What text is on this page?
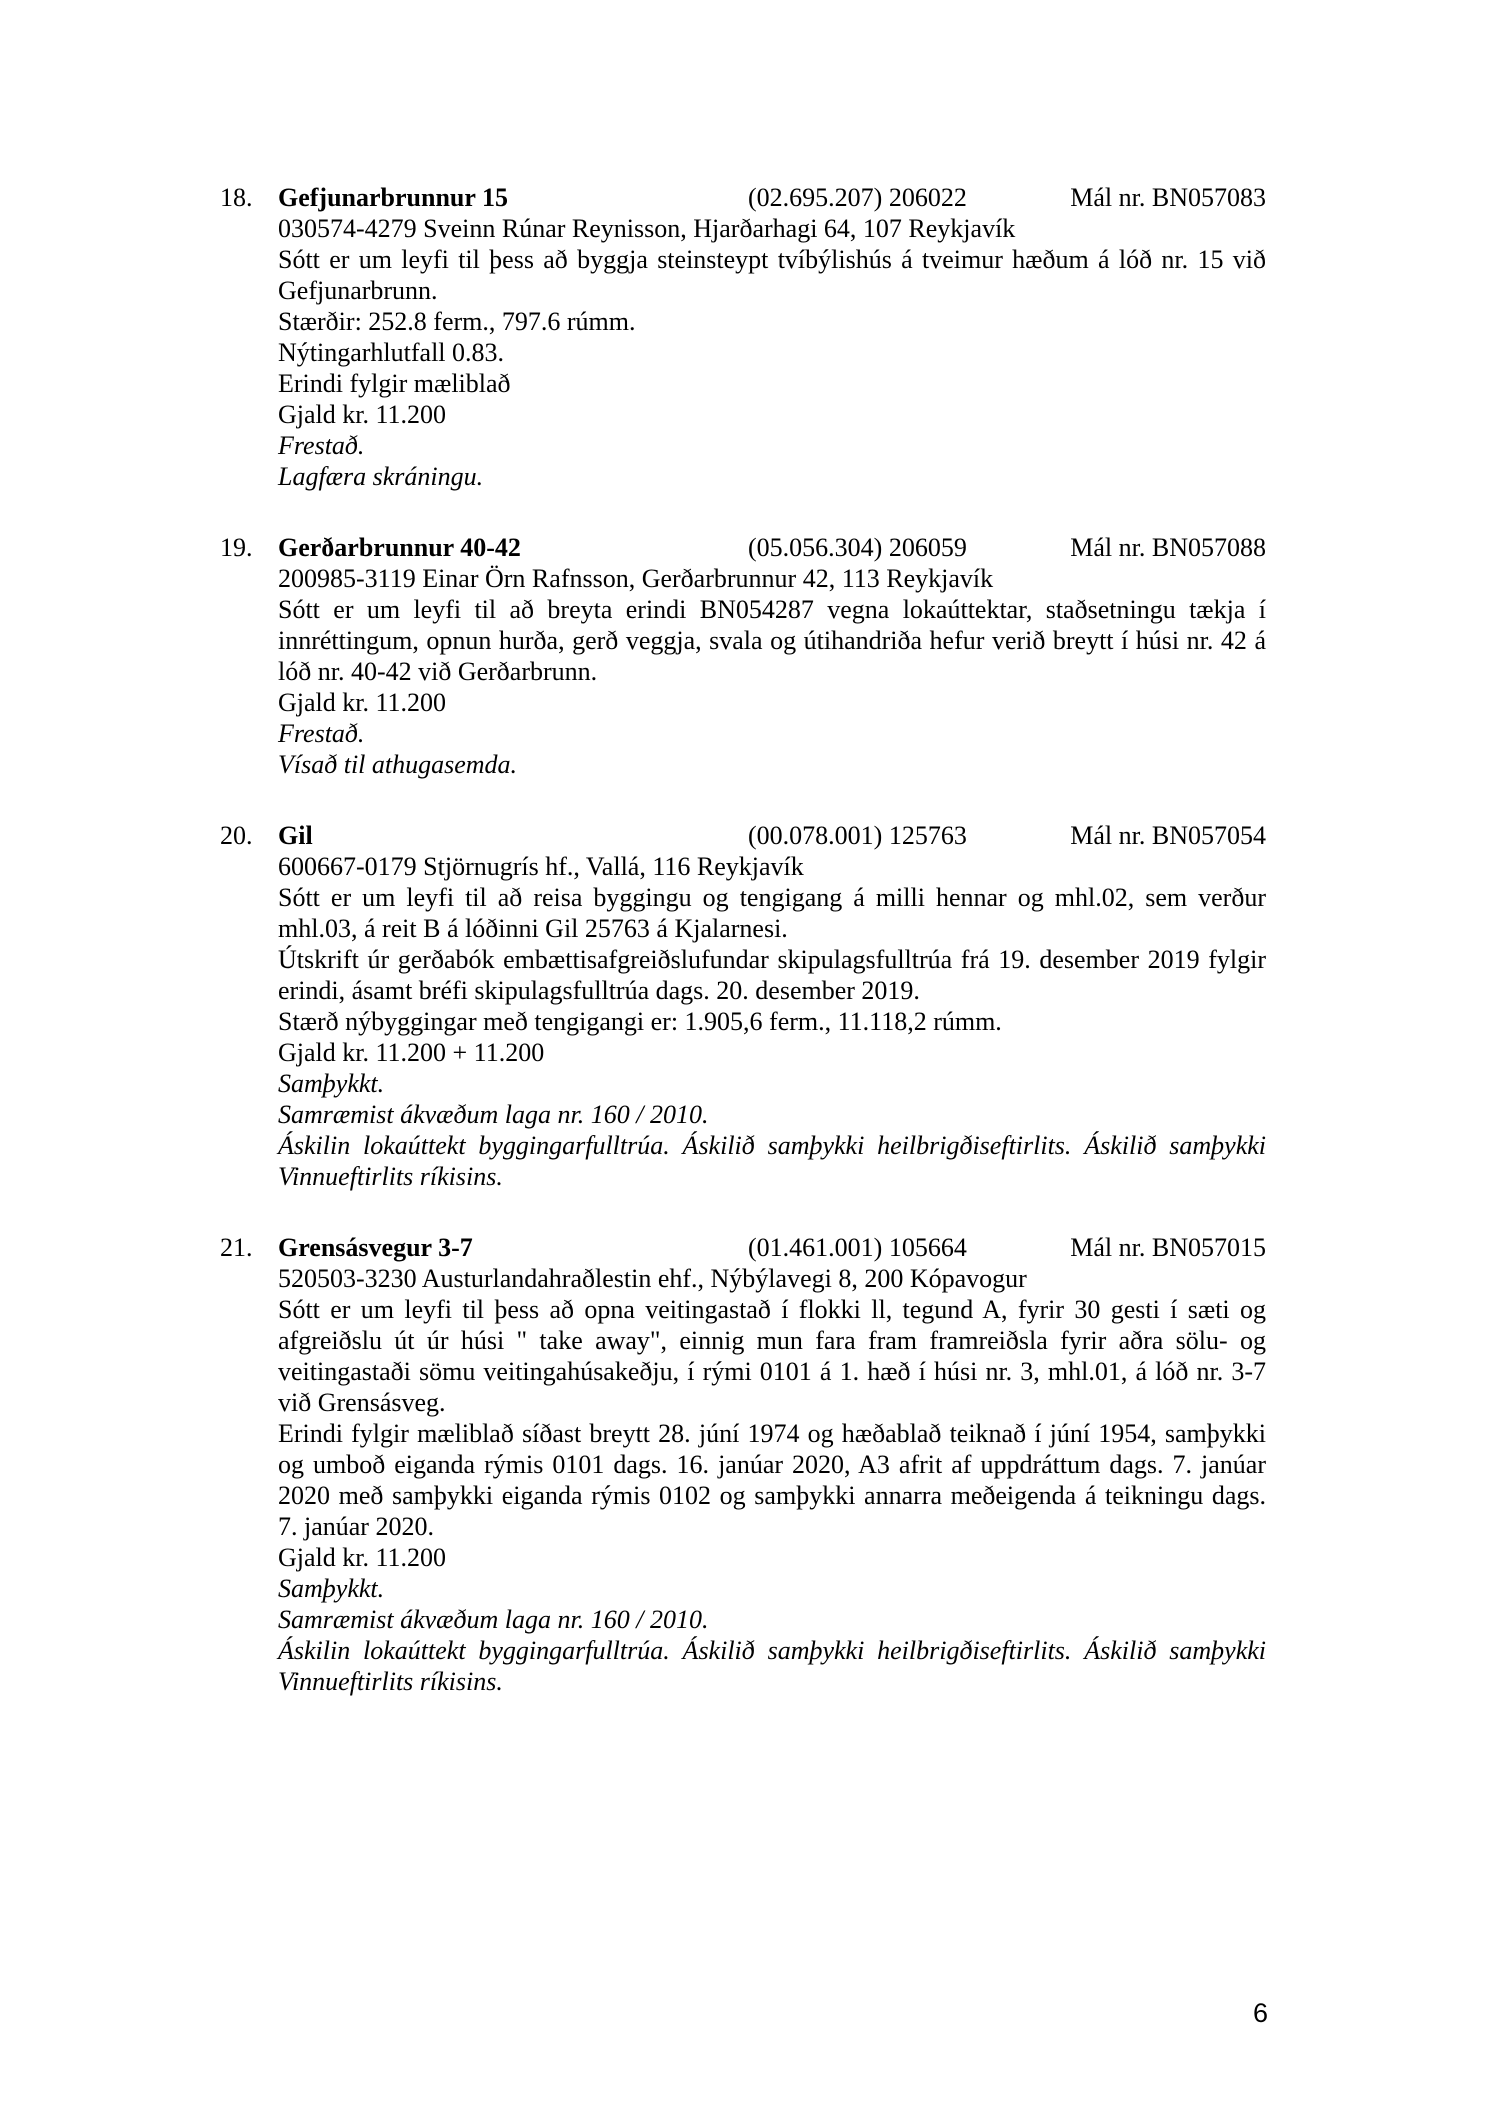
18. Gefjunarbrunnur 15	(02.695.207) 206022	Mál nr. BN057083

030574-4279 Sveinn Rúnar Reynisson, Hjarðarhagi 64, 107 Reykjavík

Sótt er um leyfi til þess að byggja steinsteypt tvíbýlishús á tveimur hæðum á lóð nr. 15 við Gefjunarbrunn.

Stærðir: 252.8 ferm., 797.6 rúmm.

Nýtingarhlutfall 0.83.

Erindi fylgir mæliblað

Gjald kr. 11.200

Frestað.

Lagfæra skráningu.

19. Gerðarbrunnur 40-42	(05.056.304) 206059	Mál nr. BN057088

200985-3119 Einar Örn Rafnsson, Gerðarbrunnur 42, 113 Reykjavík

Sótt er um leyfi til að breyta erindi BN054287 vegna lokaúttektar, staðsetningu tækja í innréttingum, opnun hurða, gerð veggja, svala og útihandriða hefur verið breytt í húsi nr. 42 á lóð nr. 40-42 við Gerðarbrunn.

Gjald kr. 11.200

Frestað.

Vísað til athugasemda.

20. Gil	(00.078.001) 125763	Mál nr. BN057054

600667-0179 Stjörnugrís hf., Vallá, 116 Reykjavík

Sótt er um leyfi til að reisa byggingu og tengigang á milli hennar og mhl.02, sem verður mhl.03, á reit B á lóðinni Gil 25763 á Kjalarnesi.

Útskrift úr gerðabók embættisafgreiðslufundar skipulagsfulltrúa frá 19. desember 2019 fylgir erindi, ásamt bréfi skipulagsfulltrúa dags. 20. desember 2019.

Stærð nýbyggingar með tengigangi er: 1.905,6 ferm., 11.118,2 rúmm.

Gjald kr. 11.200 + 11.200

Samþykkt.

Samræmist ákvæðum laga nr. 160 / 2010.

Áskilin lokaúttekt byggingarfulltrúa. Áskilið samþykki heilbrigðiseftirlits. Áskilið samþykki Vinnueftirlits ríkisins.

21. Grensásvegur 3-7	(01.461.001) 105664	Mál nr. BN057015

520503-3230 Austurlandahraðlestin ehf., Nýbýlavegi 8, 200 Kópavogur

Sótt er um leyfi til þess að opna veitingastað í flokki ll, tegund A, fyrir 30 gesti í sæti og afgreiðslu út úr húsi " take away", einnig mun fara fram framreiðsla fyrir aðra sölu- og veitingastaði sömu veitingahúsakeðju, í rými 0101 á 1. hæð í húsi nr. 3, mhl.01, á lóð nr. 3-7 við Grensásveg.

Erindi fylgir mæliblað síðast breytt 28. júní 1974 og hæðablað teiknað í júní 1954, samþykki og umboð eiganda rýmis 0101 dags. 16. janúar 2020, A3 afrit af uppdráttum dags. 7. janúar 2020 með samþykki eiganda rýmis 0102 og samþykki annarra meðeigenda á teikningu dags. 7. janúar 2020.

Gjald kr. 11.200

Samþykkt.

Samræmist ákvæðum laga nr. 160 / 2010.

Áskilin lokaúttekt byggingarfulltrúa. Áskilið samþykki heilbrigðiseftirlits. Áskilið samþykki Vinnueftirlits ríkisins.

6
